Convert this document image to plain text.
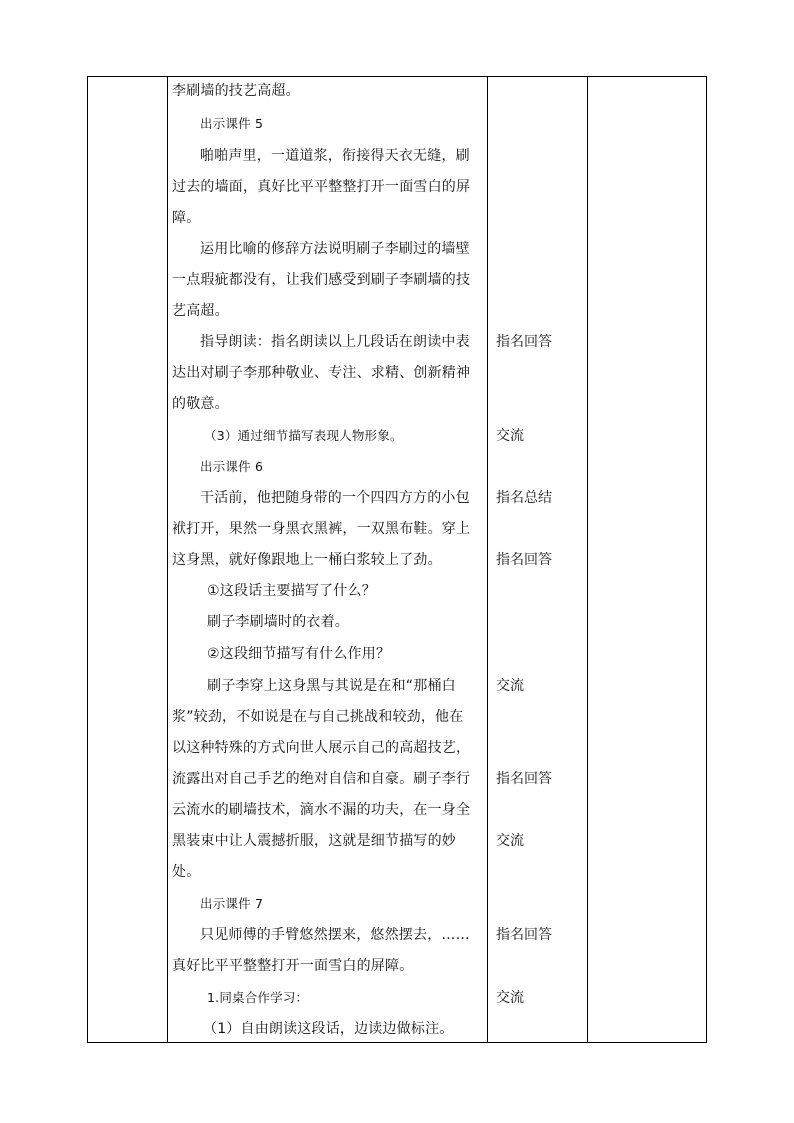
李刷墙的技艺高超。
出示课件 5
啪啪声里，一道道浆，衔接得天衣无缝，刷
过去的墙面，真好比平平整整打开一面雪白的屏
障。
运用比喻的修辞方法说明刷子李刷过的墙壁
一点瑕疵都没有，让我们感受到刷子李刷墙的技
艺高超。
指导朗读：指名朗读以上几段话在朗读中表
达出对刷子李那种敬业、专注、求精、创新精神
的敬意。
（3）通过细节描写表现人物形象。
出示课件 6
干活前，他把随身带的一个四四方方的小包
袱打开，果然一身黑衣黑裤，一双黑布鞋。穿上
这身黑，就好像跟地上一桶白浆较上了劲。
①这段话主要描写了什么？
刷子李刷墙时的衣着。
②这段细节描写有什么作用？
刷子李穿上这身黑与其说是在和“那桶白
浆”较劲，不如说是在与自己挑战和较劲，他在
以这种特殊的方式向世人展示自己的高超技艺，
流露出对自己手艺的绝对自信和自豪。刷子李行
云流水的刷墙技术，滴水不漏的功夫，在一身全
黑装束中让人震撼折服，这就是细节描写的妙
处。
出示课件 7
只见师傅的手臂悠然摆来，悠然摆去，……
真好比平平整整打开一面雪白的屏障。
1.同桌合作学习：
（1）自由朗读这段话，边读边做标注。
指名回答
交流
指名总结
指名回答
交流
指名回答
交流
指名回答
交流
